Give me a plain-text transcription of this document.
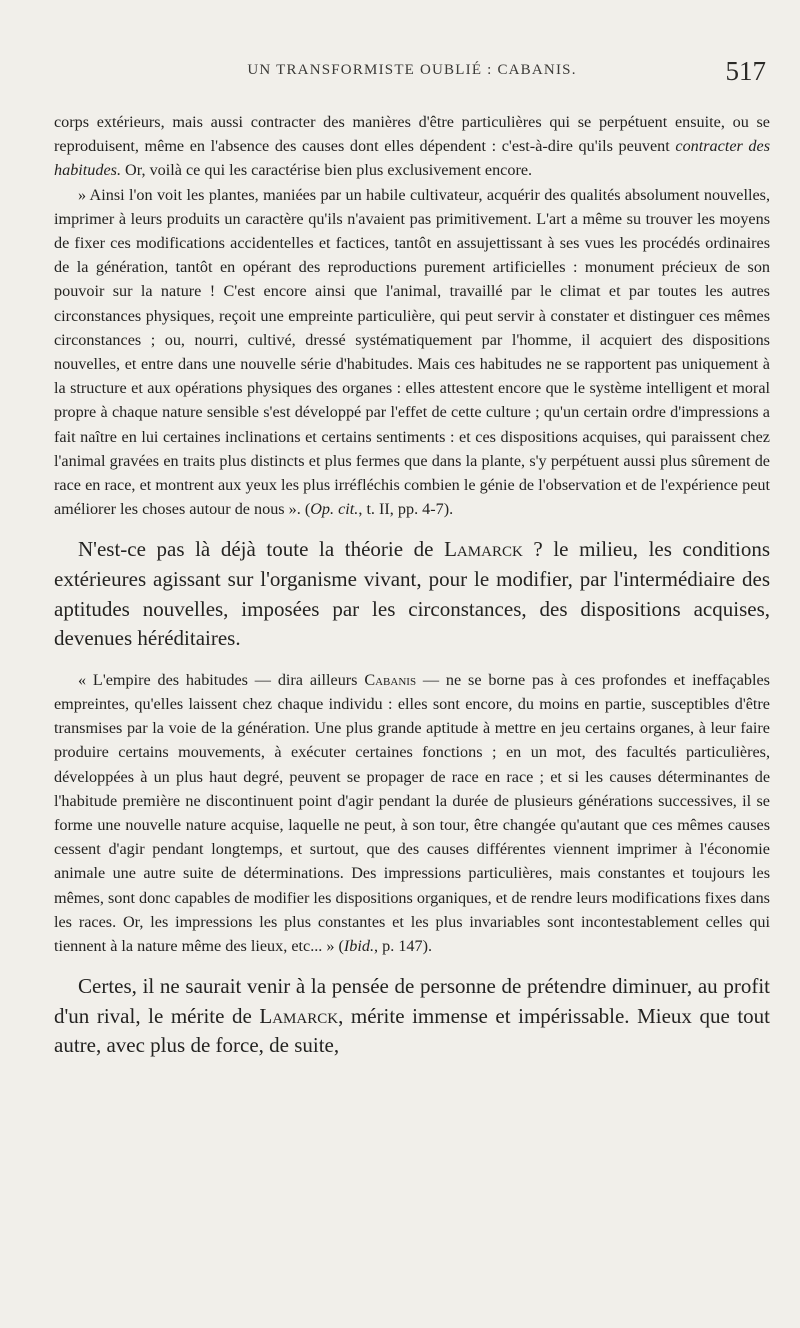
UN TRANSFORMISTE OUBLIÉ : CABANIS.	517

corps extérieurs, mais aussi contracter des manières d'être particulières qui se perpétuent ensuite, ou se reproduisent, même en l'absence des causes dont elles dépendent : c'est-à-dire qu'ils peuvent contracter des habitudes. Or, voilà ce qui les caractérise bien plus exclusivement encore.

» Ainsi l'on voit les plantes, maniées par un habile cultivateur, acquérir des qualités absolument nouvelles, imprimer à leurs produits un caractère qu'ils n'avaient pas primitivement. L'art a même su trouver les moyens de fixer ces modifications accidentelles et factices, tantôt en assujettissant à ses vues les procédés ordinaires de la génération, tantôt en opérant des reproductions purement artificielles : monument précieux de son pouvoir sur la nature ! C'est encore ainsi que l'animal, travaillé par le climat et par toutes les autres circonstances physiques, reçoit une empreinte particulière, qui peut servir à constater et distinguer ces mêmes circonstances ; ou, nourri, cultivé, dressé systématiquement par l'homme, il acquiert des dispositions nouvelles, et entre dans une nouvelle série d'habitudes. Mais ces habitudes ne se rapportent pas uniquement à la structure et aux opérations physiques des organes : elles attestent encore que le système intelligent et moral propre à chaque nature sensible s'est développé par l'effet de cette culture ; qu'un certain ordre d'impressions a fait naître en lui certaines inclinations et certains sentiments : et ces dispositions acquises, qui paraissent chez l'animal gravées en traits plus distincts et plus fermes que dans la plante, s'y perpétuent aussi plus sûrement de race en race, et montrent aux yeux les plus irréfléchis combien le génie de l'observation et de l'expérience peut améliorer les choses autour de nous ». (Op. cit., t. II, pp. 4-7).

N'est-ce pas là déjà toute la théorie de Lamarck ? le milieu, les conditions extérieures agissant sur l'organisme vivant, pour le modifier, par l'intermédiaire des aptitudes nouvelles, imposées par les circonstances, des dispositions acquises, devenues héréditaires.

« L'empire des habitudes — dira ailleurs Cabanis — ne se borne pas à ces profondes et ineffaçables empreintes, qu'elles laissent chez chaque individu : elles sont encore, du moins en partie, susceptibles d'être transmises par la voie de la génération. Une plus grande aptitude à mettre en jeu certains organes, à leur faire produire certains mouvements, à exécuter certaines fonctions ; en un mot, des facultés particulières, développées à un plus haut degré, peuvent se propager de race en race ; et si les causes déterminantes de l'habitude première ne discontinuent point d'agir pendant la durée de plusieurs générations successives, il se forme une nouvelle nature acquise, laquelle ne peut, à son tour, être changée qu'autant que ces mêmes causes cessent d'agir pendant longtemps, et surtout, que des causes différentes viennent imprimer à l'économie animale une autre suite de déterminations. Des impressions particulières, mais constantes et toujours les mêmes, sont donc capables de modifier les dispositions organiques, et de rendre leurs modifications fixes dans les races. Or, les impressions les plus constantes et les plus invariables sont incontestablement celles qui tiennent à la nature même des lieux, etc... » (Ibid., p. 147).

Certes, il ne saurait venir à la pensée de personne de prétendre diminuer, au profit d'un rival, le mérite de Lamarck, mérite immense et impérissable. Mieux que tout autre, avec plus de force, de suite,
